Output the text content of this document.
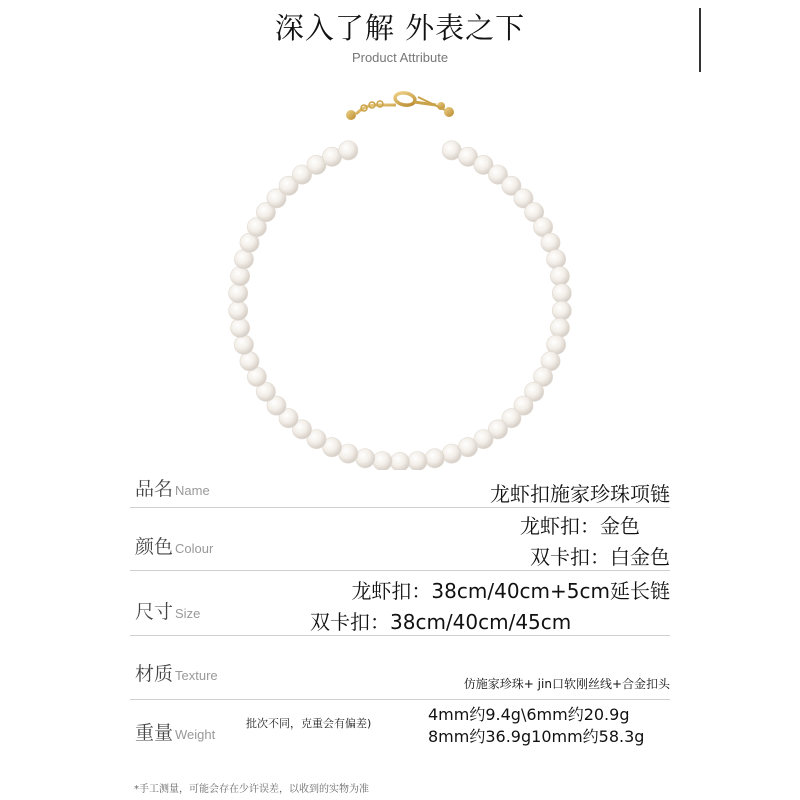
深入了解 外表之下
Product Attribute
品名 Name	龙虾扣施家珍珠项链
颜色 Colour
龙虾扣：金色
双卡扣：白金色
尺寸 Size
龙虾扣：38cm/40cm+5cm延长链
双卡扣：38cm/40cm/45cm
材质 Texture
仿施家珍珠+ jin口软刚丝线+合金扣头
重量 Weight
批次不同，克重会有偏差)	4mm约9.4g\6mm约20.9g
8mm约36.9g10mm约58.3g
*手工测量，可能会存在少许误差，以收到的实物为准
